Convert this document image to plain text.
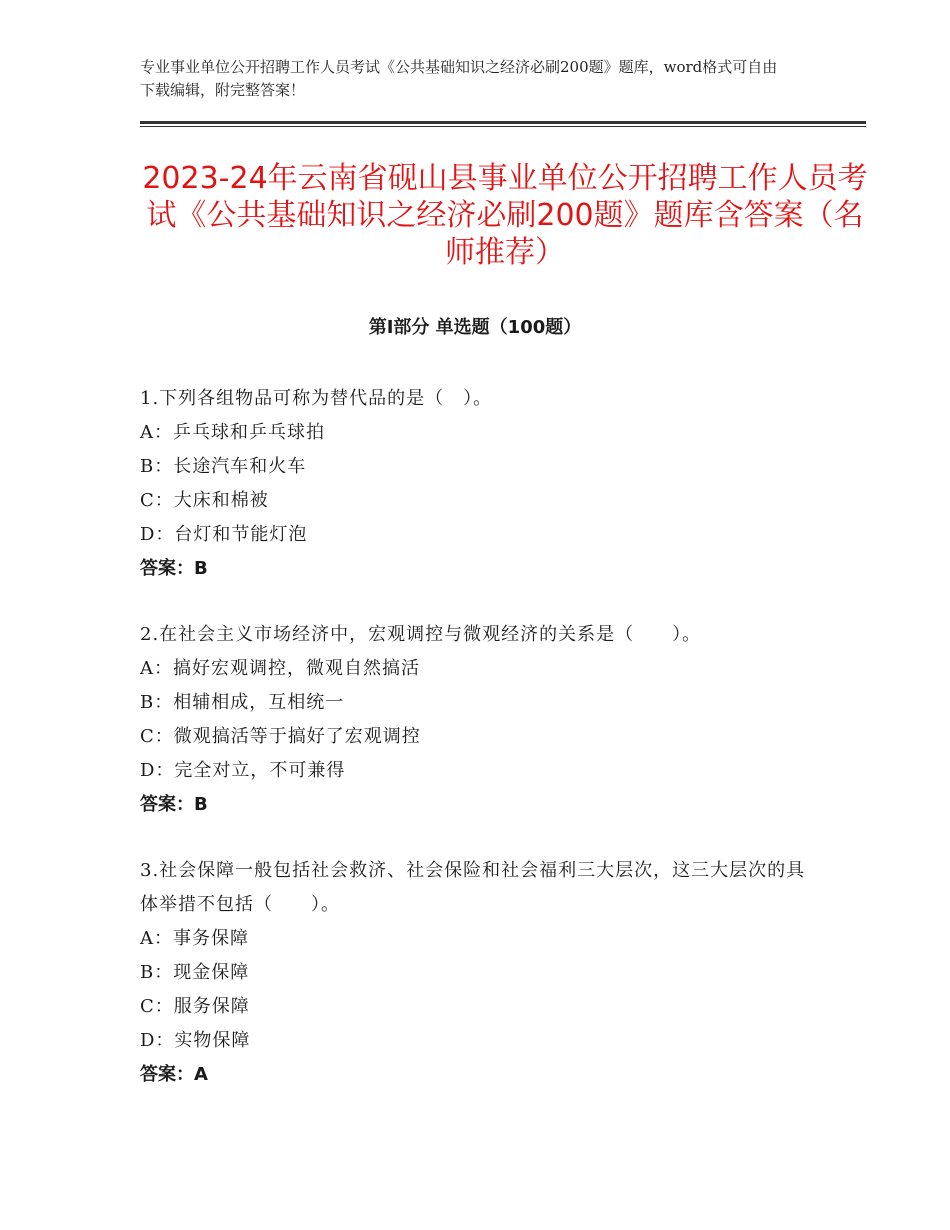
专业事业单位公开招聘工作人员考试《公共基础知识之经济必刷200题》题库，word格式可自由下载编辑，附完整答案！
2023-24年云南省砚山县事业单位公开招聘工作人员考试《公共基础知识之经济必刷200题》题库含答案（名师推荐）
第Ⅰ部分 单选题（100题）
1.下列各组物品可称为替代品的是（　）。
A：乒乓球和乒乓球拍
B：长途汽车和火车
C：大床和棉被
D：台灯和节能灯泡
答案：B
2.在社会主义市场经济中，宏观调控与微观经济的关系是（　　）。
A：搞好宏观调控，微观自然搞活
B：相辅相成，互相统一
C：微观搞活等于搞好了宏观调控
D：完全对立，不可兼得
答案：B
3.社会保障一般包括社会救济、社会保险和社会福利三大层次，这三大层次的具体举措不包括（　　）。
A：事务保障
B：现金保障
C：服务保障
D：实物保障
答案：A
